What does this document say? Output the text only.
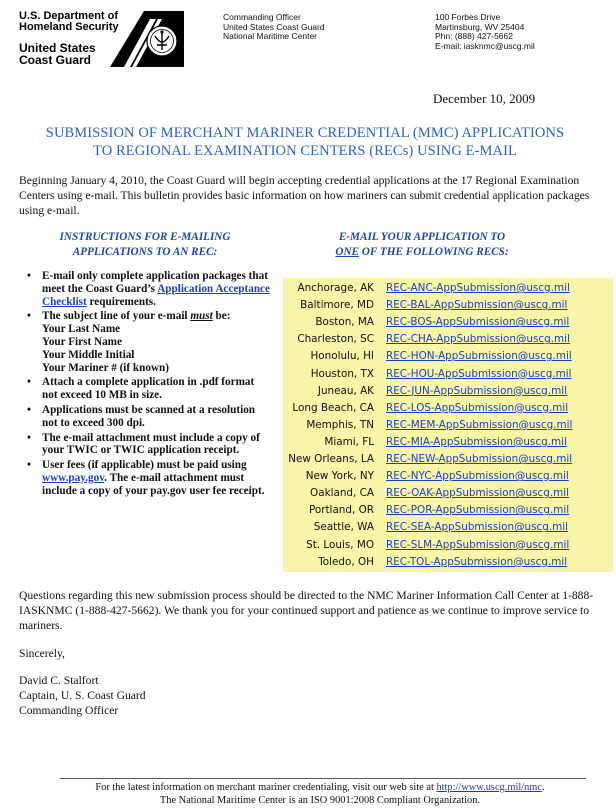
U.S. Department of
Homeland Security
United States
Coast Guard
Commanding Officer
United States Coast Guard
National Maritime Center
100 Forbes Drive
Martinsburg, WV 25404
Phn: (888) 427-5662
E-mail: iasknmc@uscg.mil
December 10, 2009
SUBMISSION OF MERCHANT MARINER CREDENTIAL (MMC) APPLICATIONS
TO REGIONAL EXAMINATION CENTERS (RECs) USING E-MAIL
Beginning January 4, 2010, the Coast Guard will begin accepting credential applications at the 17 Regional Examination Centers using e-mail. This bulletin provides basic information on how mariners can submit credential application packages using e-mail.
INSTRUCTIONS FOR E-MAILING
APPLICATIONS TO AN REC:
E-MAIL YOUR APPLICATION TO
ONE OF THE FOLLOWING RECS:
• E-mail only complete application packages that meet the Coast Guard’s Application Acceptance Checklist requirements.
• The subject line of your e-mail must be:
Your Last Name
Your First Name
Your Middle Initial
Your Mariner # (if known)
• Attach a complete application in .pdf format not exceed 10 MB in size.
• Applications must be scanned at a resolution not to exceed 300 dpi.
• The e-mail attachment must include a copy of your TWIC or TWIC application receipt.
• User fees (if applicable) must be paid using www.pay.gov. The e-mail attachment must include a copy of your pay.gov user fee receipt.
Anchorage, AK REC-ANC-AppSubmission@uscg.mil
Baltimore, MD REC-BAL-AppSubmission@uscg.mil
Boston, MA REC-BOS-AppSubmission@uscg.mil
Charleston, SC REC-CHA-AppSubmission@uscg.mil
Honolulu, HI REC-HON-AppSubmission@uscg.mil
Houston, TX REC-HOU-AppSubmission@uscg.mil
Juneau, AK REC-JUN-AppSubmission@uscg.mil
Long Beach, CA REC-LOS-AppSubmission@uscg.mil
Memphis, TN REC-MEM-AppSubmission@uscg.mil
Miami, FL REC-MIA-AppSubmission@uscg.mil
New Orleans, LA REC-NEW-AppSubmission@uscg.mil
New York, NY REC-NYC-AppSubmission@uscg.mil
Oakland, CA REC-OAK-AppSubmission@uscg.mil
Portland, OR REC-POR-AppSubmission@uscg.mil
Seattle, WA REC-SEA-AppSubmission@uscg.mil
St. Louis, MO REC-SLM-AppSubmission@uscg.mil
Toledo, OH REC-TOL-AppSubmission@uscg.mil
Questions regarding this new submission process should be directed to the NMC Mariner Information Call Center at 1-888-IASKNMC (1-888-427-5662). We thank you for your continued support and patience as we continue to improve service to mariners.
Sincerely,
David C. Stalfort
Captain, U. S. Coast Guard
Commanding Officer
For the latest information on merchant mariner credentialing, visit our web site at http://www.uscg.mil/nmc.
The National Maritime Center is an ISO 9001:2008 Compliant Organization.
